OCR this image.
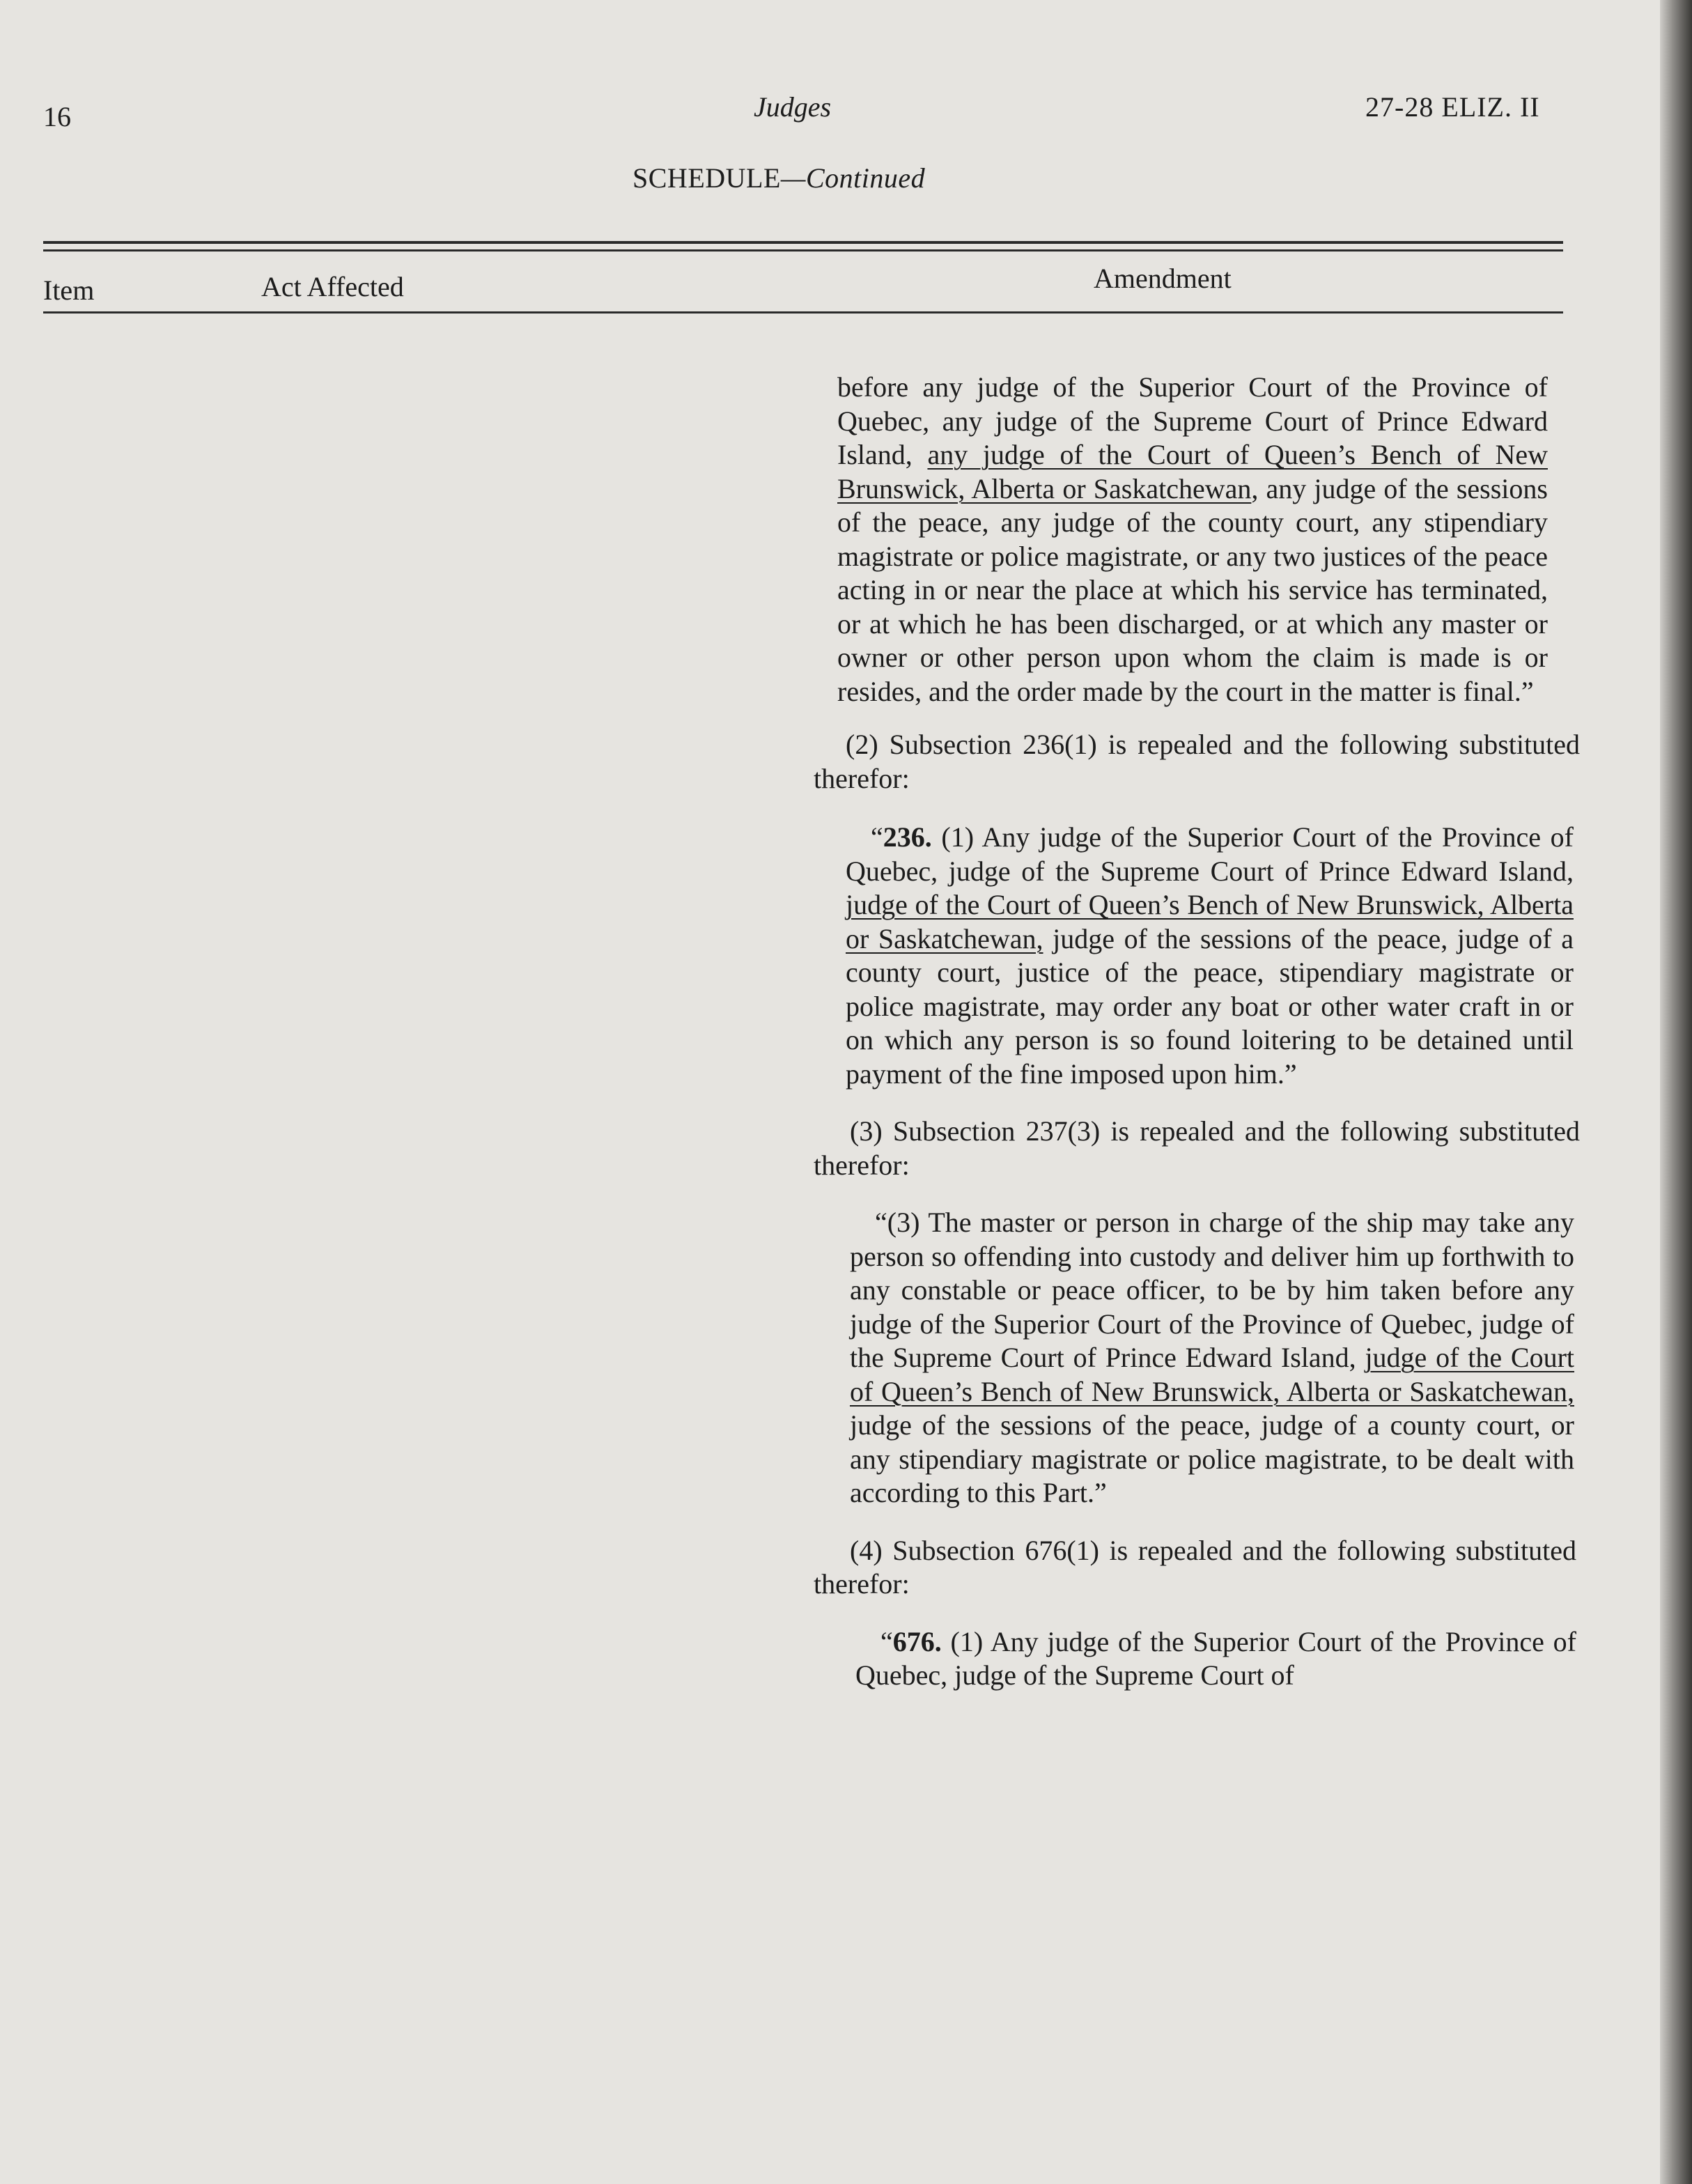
16	Judges	27-28 ELIZ. II
SCHEDULE—Continued
Item	Act Affected	Amendment

before any judge of the Superior Court of the Province of Quebec, any judge of the Supreme Court of Prince Edward Island, any judge of the Court of Queen’s Bench of New Brunswick, Alberta or Saskatchewan, any judge of the sessions of the peace, any judge of the county court, any stipendiary magistrate or police magistrate, or any two justices of the peace acting in or near the place at which his service has terminated, or at which he has been discharged, or at which any master or owner or other person upon whom the claim is made is or resides, and the order made by the court in the matter is final.”

(2) Subsection 236(1) is repealed and the following substituted therefor:

“236. (1) Any judge of the Superior Court of the Province of Quebec, judge of the Supreme Court of Prince Edward Island, judge of the Court of Queen’s Bench of New Brunswick, Alberta or Saskatchewan, judge of the sessions of the peace, judge of a county court, justice of the peace, stipendiary magistrate or police magistrate, may order any boat or other water craft in or on which any person is so found loitering to be detained until payment of the fine imposed upon him.”

(3) Subsection 237(3) is repealed and the following substituted therefor:

“(3) The master or person in charge of the ship may take any person so offending into custody and deliver him up forthwith to any constable or peace officer, to be by him taken before any judge of the Superior Court of the Province of Quebec, judge of the Supreme Court of Prince Edward Island, judge of the Court of Queen’s Bench of New Brunswick, Alberta or Saskatchewan, judge of the sessions of the peace, judge of a county court, or any stipendiary magistrate or police magistrate, to be dealt with according to this Part.”

(4) Subsection 676(1) is repealed and the following substituted therefor:

“676. (1) Any judge of the Superior Court of the Province of Quebec, judge of the Supreme Court of
